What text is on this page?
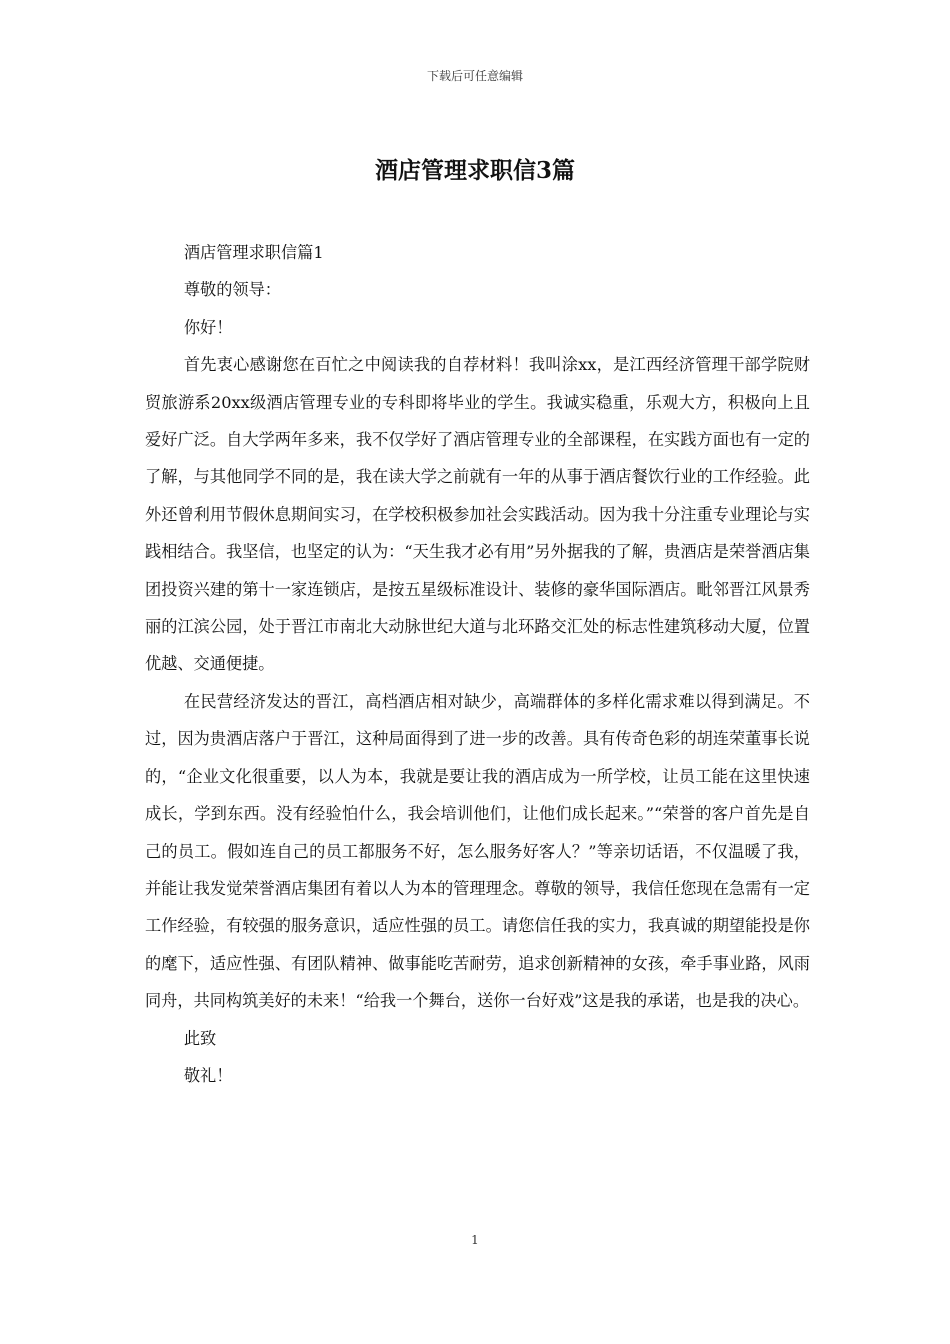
下载后可任意编辑
酒店管理求职信3篇

酒店管理求职信篇1

尊敬的领导：

你好！

首先衷心感谢您在百忙之中阅读我的自荐材料！我叫涂xx，是江西经济管理干部学院财贸旅游系20xx级酒店管理专业的专科即将毕业的学生。我诚实稳重，乐观大方，积极向上且爱好广泛。自大学两年多来，我不仅学好了酒店管理专业的全部课程，在实践方面也有一定的了解，与其他同学不同的是，我在读大学之前就有一年的从事于酒店餐饮行业的工作经验。此外还曾利用节假休息期间实习，在学校积极参加社会实践活动。因为我十分注重专业理论与实践相结合。我坚信，也坚定的认为：“天生我才必有用”另外据我的了解，贵酒店是荣誉酒店集团投资兴建的第十一家连锁店，是按五星级标准设计、装修的豪华国际酒店。毗邻晋江风景秀丽的江滨公园，处于晋江市南北大动脉世纪大道与北环路交汇处的标志性建筑移动大厦，位置优越、交通便捷。

在民营经济发达的晋江，高档酒店相对缺少，高端群体的多样化需求难以得到满足。不过，因为贵酒店落户于晋江，这种局面得到了进一步的改善。具有传奇色彩的胡连荣董事长说的，“企业文化很重要，以人为本，我就是要让我的酒店成为一所学校，让员工能在这里快速成长，学到东西。没有经验怕什么，我会培训他们，让他们成长起来。”“荣誉的客户首先是自己的员工。假如连自己的员工都服务不好，怎么服务好客人？”等亲切话语，不仅温暖了我，并能让我发觉荣誉酒店集团有着以人为本的管理理念。尊敬的领导，我信任您现在急需有一定工作经验，有较强的服务意识，适应性强的员工。请您信任我的实力，我真诚的期望能投是你的麾下，适应性强、有团队精神、做事能吃苦耐劳，追求创新精神的女孩，牵手事业路，风雨同舟，共同构筑美好的未来！“给我一个舞台，送你一台好戏”这是我的承诺，也是我的决心。

此致

敬礼！

1
